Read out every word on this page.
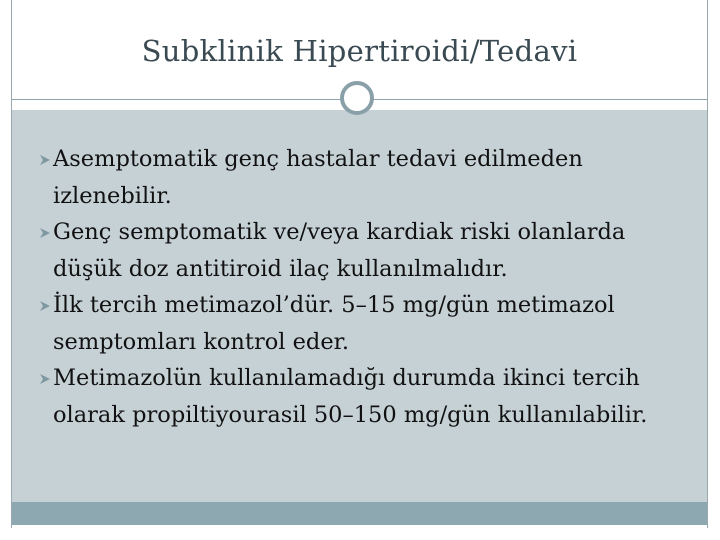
Subklinik Hipertiroidi/Tedavi
Asemptomatik genç hastalar tedavi edilmeden izlenebilir.
Genç semptomatik ve/veya kardiak riski olanlarda düşük doz antitiroid ilaç kullanılmalıdır.
İlk tercih metimazol’dür. 5–15 mg/gün metimazol semptomları kontrol eder.
Metimazolün kullanılamadığı durumda ikinci tercih olarak propiltiyourasil 50–150 mg/gün kullanılabilir.
